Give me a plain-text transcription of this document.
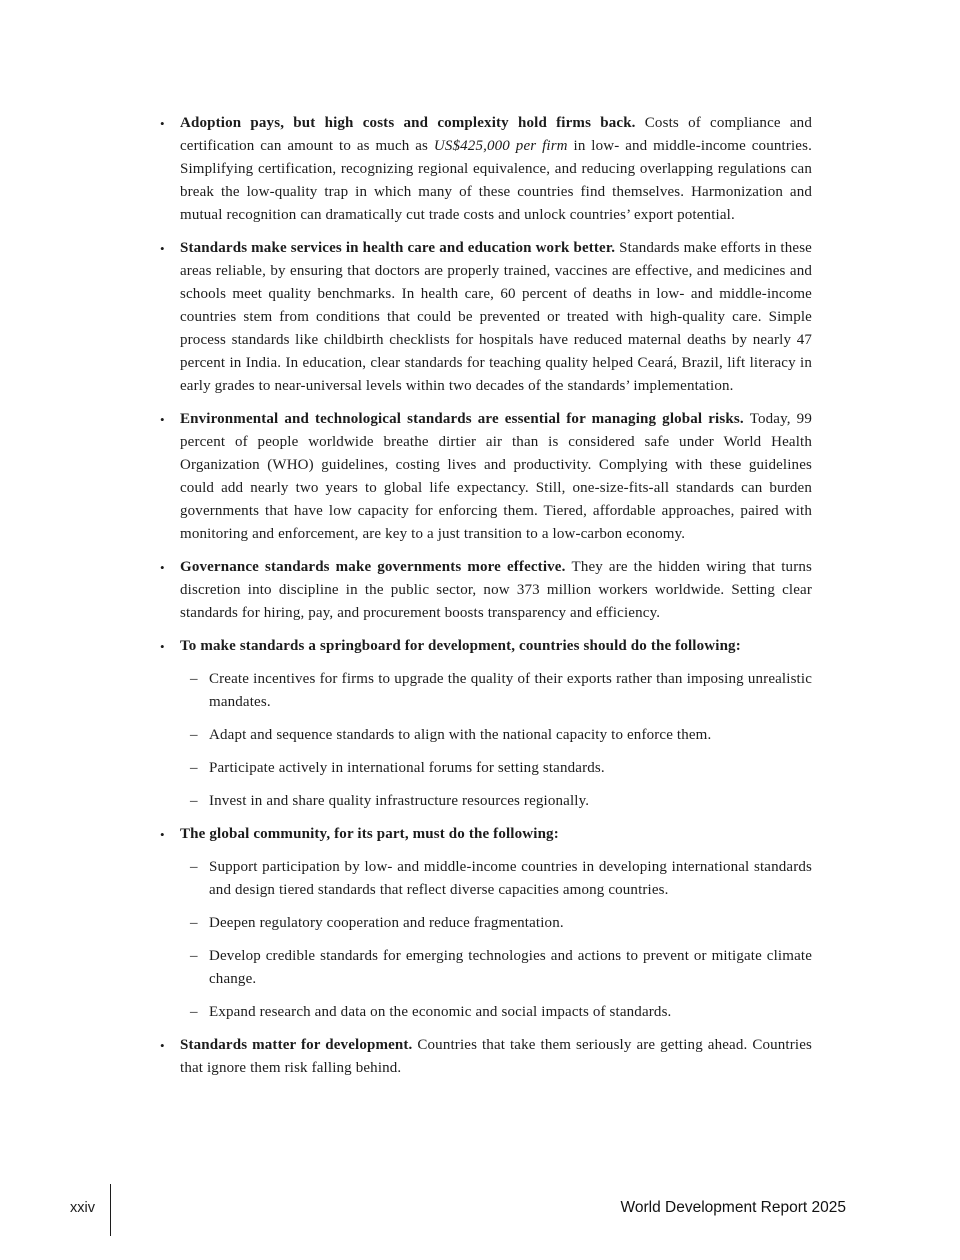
•	Adoption pays, but high costs and complexity hold firms back. Costs of compliance and certification can amount to as much as US$425,000 per firm in low- and middle-income countries. Simplifying certification, recognizing regional equivalence, and reducing overlapping regulations can break the low-quality trap in which many of these countries find themselves. Harmonization and mutual recognition can dramatically cut trade costs and unlock countries’ export potential.
•	Standards make services in health care and education work better. Standards make efforts in these areas reliable, by ensuring that doctors are properly trained, vaccines are effective, and medicines and schools meet quality benchmarks. In health care, 60 percent of deaths in low- and middle-income countries stem from conditions that could be prevented or treated with high-quality care. Simple process standards like childbirth checklists for hospitals have reduced maternal deaths by nearly 47 percent in India. In education, clear standards for teaching quality helped Ceará, Brazil, lift literacy in early grades to near-universal levels within two decades of the standards’ implementation.
•	Environmental and technological standards are essential for managing global risks. Today, 99 percent of people worldwide breathe dirtier air than is considered safe under World Health Organization (WHO) guidelines, costing lives and productivity. Complying with these guidelines could add nearly two years to global life expectancy. Still, one-size-fits-all standards can burden governments that have low capacity for enforcing them. Tiered, affordable approaches, paired with monitoring and enforcement, are key to a just transition to a low-carbon economy.
•	Governance standards make governments more effective. They are the hidden wiring that turns discretion into discipline in the public sector, now 373 million workers worldwide. Setting clear standards for hiring, pay, and procurement boosts transparency and efficiency.
•	To make standards a springboard for development, countries should do the following:
– Create incentives for firms to upgrade the quality of their exports rather than imposing unrealistic mandates.
– Adapt and sequence standards to align with the national capacity to enforce them.
– Participate actively in international forums for setting standards.
– Invest in and share quality infrastructure resources regionally.
•	The global community, for its part, must do the following:
– Support participation by low- and middle-income countries in developing international standards and design tiered standards that reflect diverse capacities among countries.
– Deepen regulatory cooperation and reduce fragmentation.
– Develop credible standards for emerging technologies and actions to prevent or mitigate climate change.
– Expand research and data on the economic and social impacts of standards.
•	Standards matter for development. Countries that take them seriously are getting ahead. Countries that ignore them risk falling behind.
xxiv	World Development Report 2025
